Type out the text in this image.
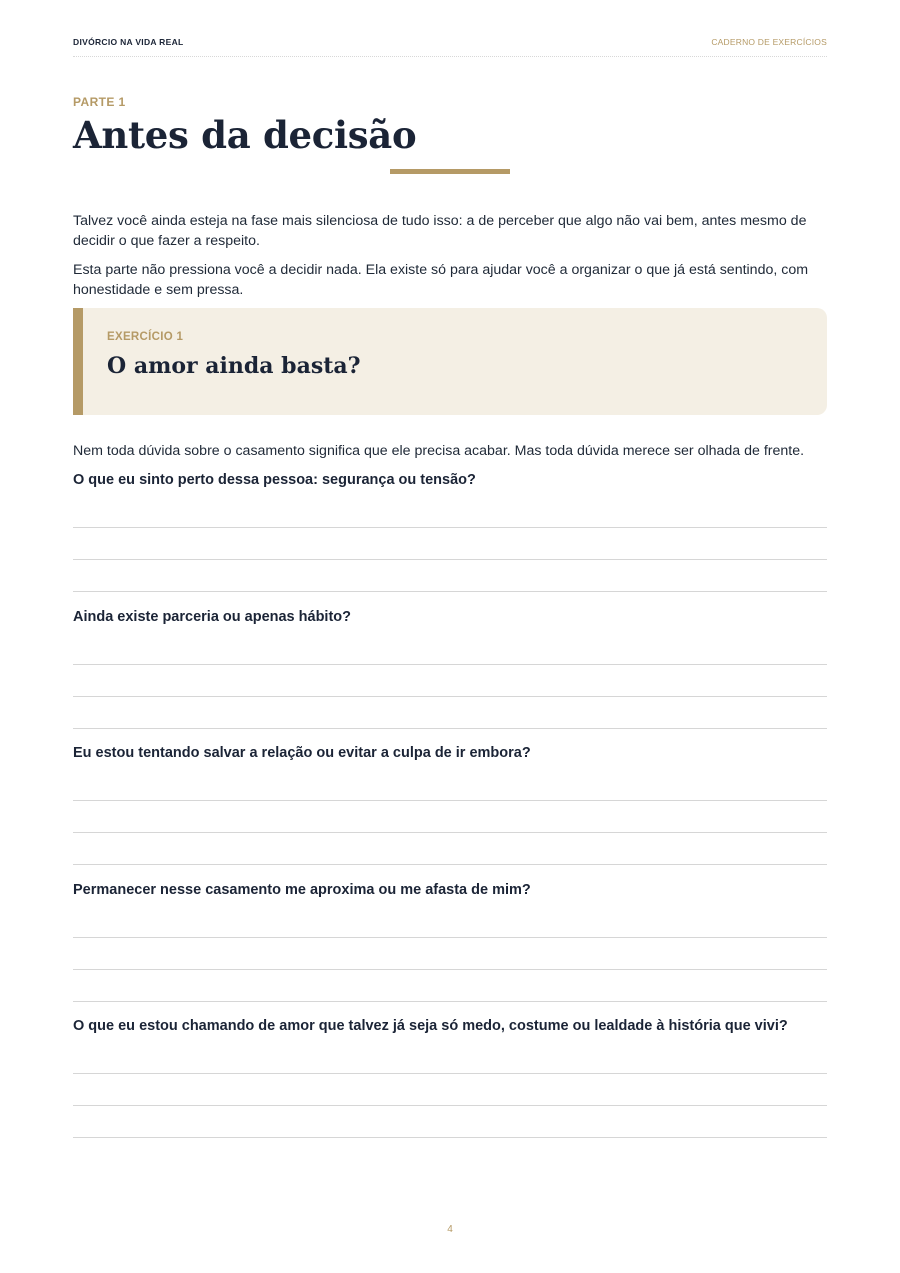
DIVÓRCIO NA VIDA REAL	CADERNO DE EXERCÍCIOS
PARTE 1
Antes da decisão

Talvez você ainda esteja na fase mais silenciosa de tudo isso: a de perceber que algo não vai bem, antes mesmo de decidir o que fazer a respeito.

Esta parte não pressiona você a decidir nada. Ela existe só para ajudar você a organizar o que já está sentindo, com honestidade e sem pressa.

EXERCÍCIO 1
O amor ainda basta?

Nem toda dúvida sobre o casamento significa que ele precisa acabar. Mas toda dúvida merece ser olhada de frente.

O que eu sinto perto dessa pessoa: segurança ou tensão?
Ainda existe parceria ou apenas hábito?
Eu estou tentando salvar a relação ou evitar a culpa de ir embora?
Permanecer nesse casamento me aproxima ou me afasta de mim?
O que eu estou chamando de amor que talvez já seja só medo, costume ou lealdade à história que vivi?
4
